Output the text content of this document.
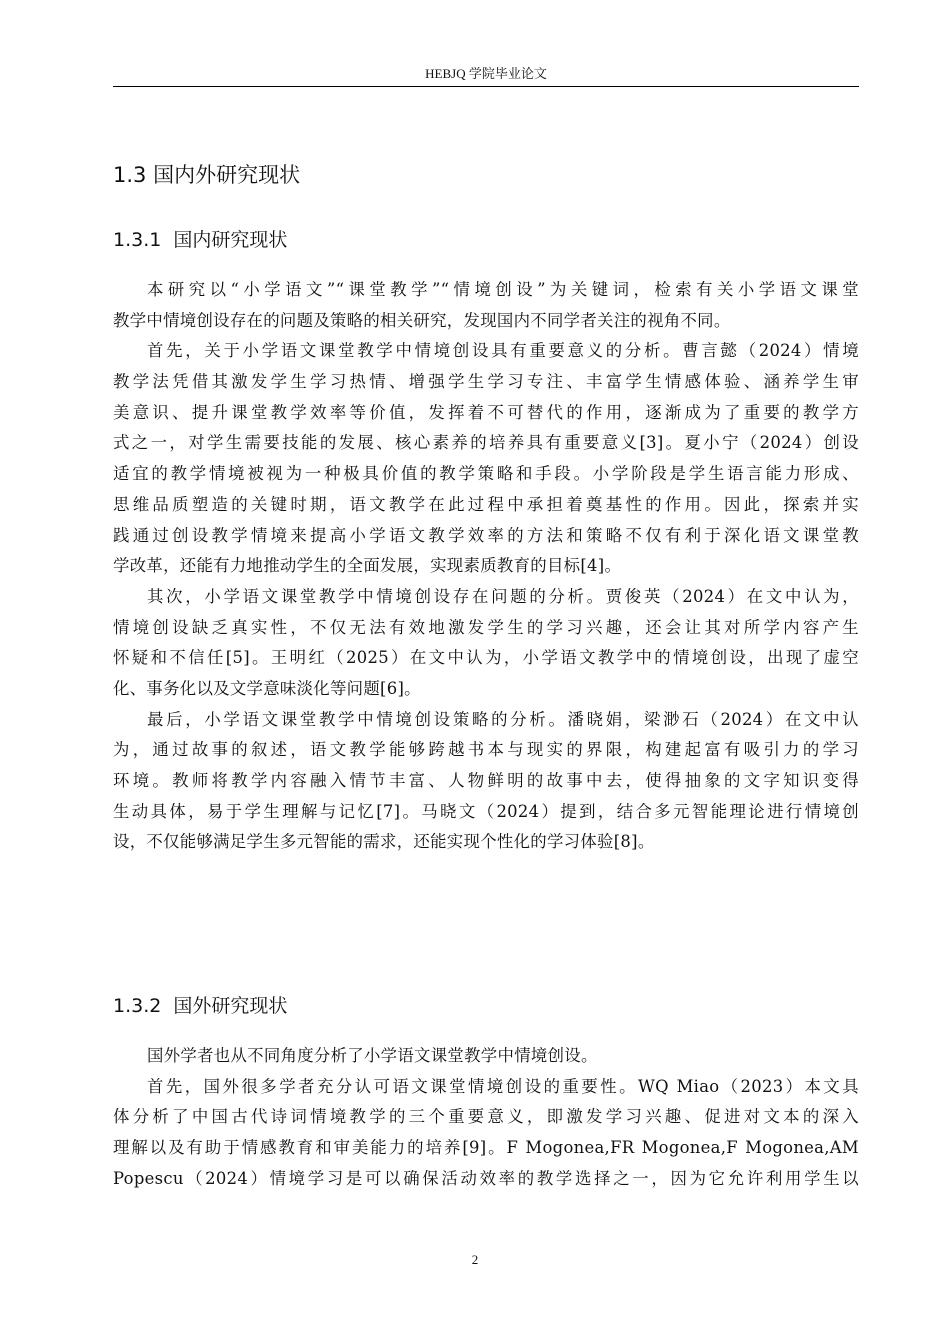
HEBJQ 学院毕业论文
1.3 国内外研究现状
1.3.1 国内研究现状
本研究以“小学语文”“课堂教学”“情境创设”为关键词，检索有关小学语文课堂
教学中情境创设存在的问题及策略的相关研究，发现国内不同学者关注的视角不同。
首先，关于小学语文课堂教学中情境创设具有重要意义的分析。曹言懿（2024）情境
教学法凭借其激发学生学习热情、增强学生学习专注、丰富学生情感体验、涵养学生审
美意识、提升课堂教学效率等价值，发挥着不可替代的作用，逐渐成为了重要的教学方
式之一，对学生需要技能的发展、核心素养的培养具有重要意义[3]。夏小宁（2024）创设
适宜的教学情境被视为一种极具价值的教学策略和手段。小学阶段是学生语言能力形成、
思维品质塑造的关键时期，语文教学在此过程中承担着奠基性的作用。因此，探索并实
践通过创设教学情境来提高小学语文教学效率的方法和策略不仅有利于深化语文课堂教
学改革，还能有力地推动学生的全面发展，实现素质教育的目标[4]。
其次，小学语文课堂教学中情境创设存在问题的分析。贾俊英（2024）在文中认为，
情境创设缺乏真实性，不仅无法有效地激发学生的学习兴趣，还会让其对所学内容产生
怀疑和不信任[5]。王明红（2025）在文中认为，小学语文教学中的情境创设，出现了虚空
化、事务化以及文学意味淡化等问题[6]。
最后，小学语文课堂教学中情境创设策略的分析。潘晓娟，梁渺石（2024）在文中认
为，通过故事的叙述，语文教学能够跨越书本与现实的界限，构建起富有吸引力的学习
环境。教师将教学内容融入情节丰富、人物鲜明的故事中去，使得抽象的文字知识变得
生动具体，易于学生理解与记忆[7]。马晓文（2024）提到，结合多元智能理论进行情境创
设，不仅能够满足学生多元智能的需求，还能实现个性化的学习体验[8]。
1.3.2 国外研究现状
国外学者也从不同角度分析了小学语文课堂教学中情境创设。
首先，国外很多学者充分认可语文课堂情境创设的重要性。WQ Miao（2023）本文具
体分析了中国古代诗词情境教学的三个重要意义，即激发学习兴趣、促进对文本的深入
理解以及有助于情感教育和审美能力的培养[9]。F Mogonea,FR Mogonea,F Mogonea,AM
Popescu（2024）情境学习是可以确保活动效率的教学选择之一，因为它允许利用学生以
2
